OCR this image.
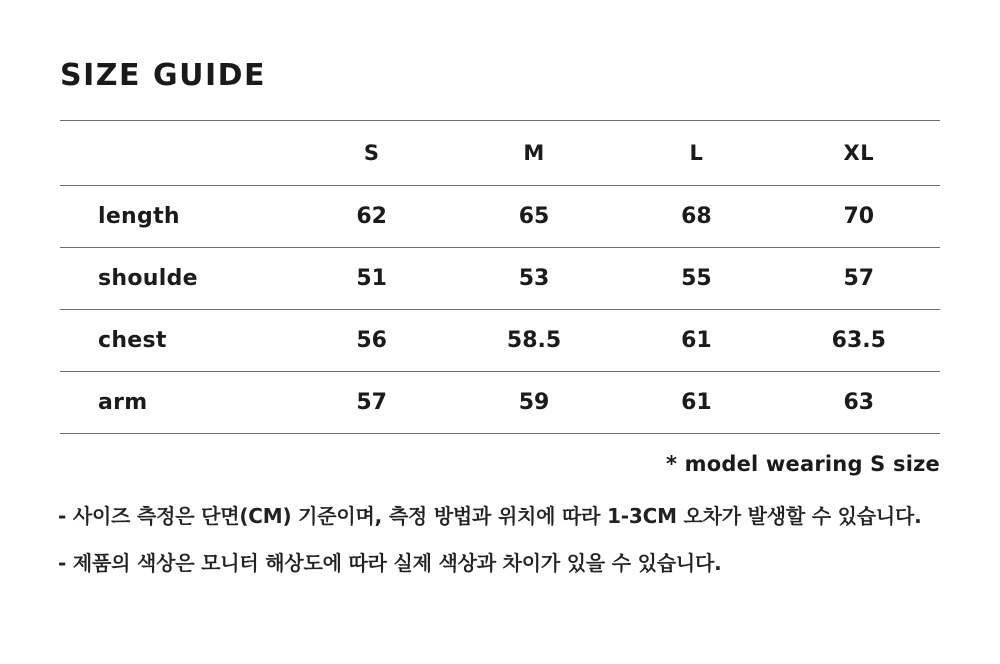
SIZE GUIDE
	S	M	L	XL
length	62	65	68	70
shoulde	51	53	55	57
chest	56	58.5	61	63.5
arm	57	59	61	63
* model wearing S size
- 사이즈 측정은 단면(CM) 기준이며, 측정 방법과 위치에 따라 1-3CM 오차가 발생할 수 있습니다.
- 제품의 색상은 모니터 해상도에 따라 실제 색상과 차이가 있을 수 있습니다.
